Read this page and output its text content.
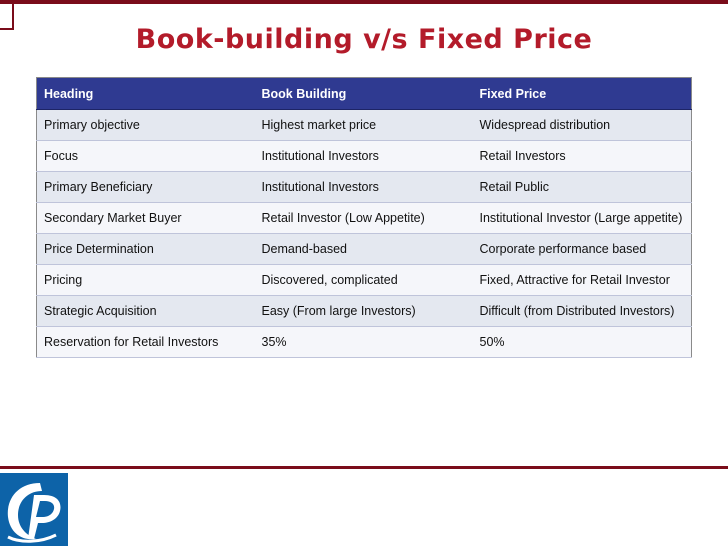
Book-building v/s Fixed Price
Heading	Book Building	Fixed Price
Primary objective	Highest market price	Widespread distribution
Focus	Institutional Investors	Retail Investors
Primary Beneficiary	Institutional Investors	Retail Public
Secondary Market Buyer	Retail Investor (Low Appetite)	Institutional Investor (Large appetite)
Price Determination	Demand-based	Corporate performance based
Pricing	Discovered, complicated	Fixed, Attractive for Retail Investor
Strategic Acquisition	Easy (From large Investors)	Difficult (from Distributed Investors)
Reservation for Retail Investors	35%	50%
